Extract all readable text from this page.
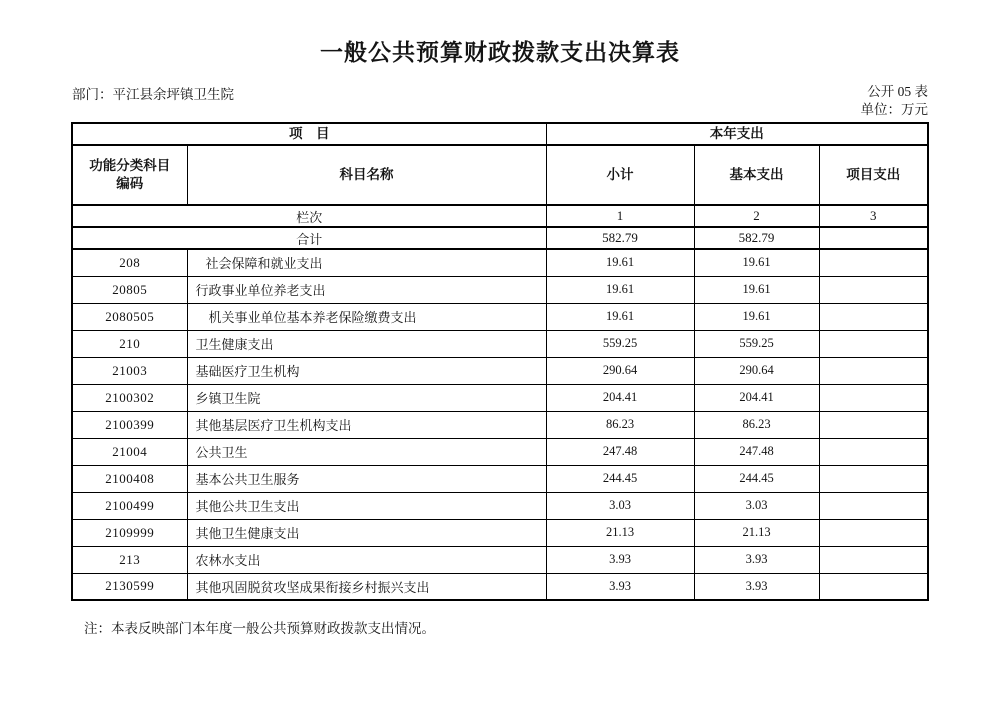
一般公共预算财政拨款支出决算表
部门：平江县余坪镇卫生院	公开 05 表
单位：万元
项　目		本年支出		
功能分类科目编码	科目名称	小计	基本支出	项目支出
栏次		1	2	3
合计		582.79	582.79	
208	社会保障和就业支出	19.61	19.61	
20805	行政事业单位养老支出	19.61	19.61	
2080505	机关事业单位基本养老保险缴费支出	19.61	19.61	
210	卫生健康支出	559.25	559.25	
21003	基础医疗卫生机构	290.64	290.64	
2100302	乡镇卫生院	204.41	204.41	
2100399	其他基层医疗卫生机构支出	86.23	86.23	
21004	公共卫生	247.48	247.48	
2100408	基本公共卫生服务	244.45	244.45	
2100499	其他公共卫生支出	3.03	3.03	
2109999	其他卫生健康支出	21.13	21.13	
213	农林水支出	3.93	3.93	
2130599	其他巩固脱贫攻坚成果衔接乡村振兴支出	3.93	3.93	
注：本表反映部门本年度一般公共预算财政拨款支出情况。
